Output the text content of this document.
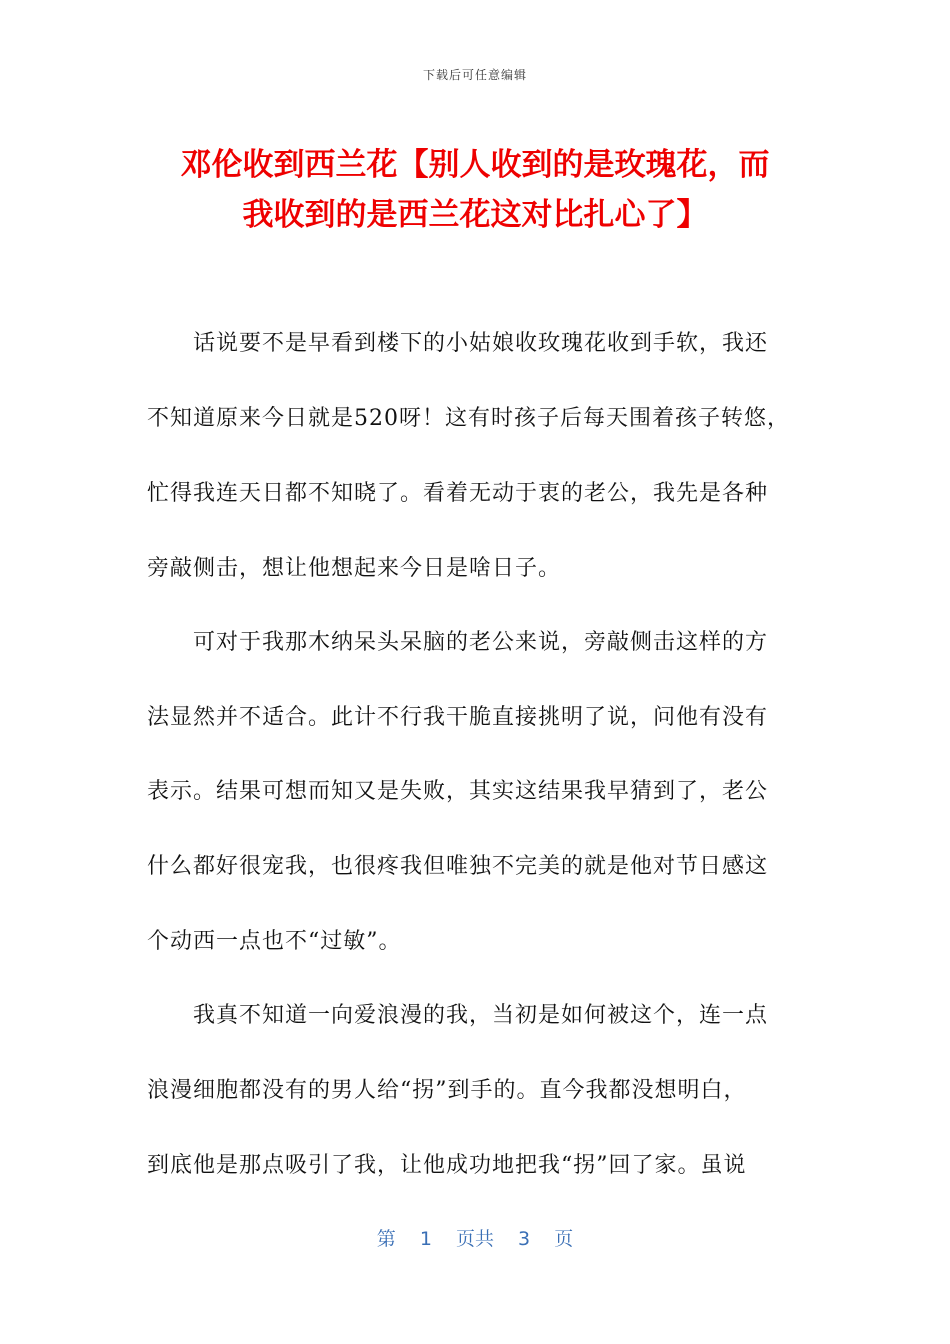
下载后可任意编辑
邓伦收到西兰花【别人收到的是玫瑰花，而
我收到的是西兰花这对比扎心了】
话说要不是早看到楼下的小姑娘收玫瑰花收到手软，我还
不知道原来今日就是520呀！这有时孩子后每天围着孩子转悠，
忙得我连天日都不知晓了。看着无动于衷的老公，我先是各种
旁敲侧击，想让他想起来今日是啥日子。
可对于我那木纳呆头呆脑的老公来说，旁敲侧击这样的方
法显然并不适合。此计不行我干脆直接挑明了说，问他有没有
表示。结果可想而知又是失败，其实这结果我早猜到了，老公
什么都好很宠我，也很疼我但唯独不完美的就是他对节日感这
个动西一点也不“过敏”。
我真不知道一向爱浪漫的我，当初是如何被这个，连一点
浪漫细胞都没有的男人给“拐”到手的。直今我都没想明白，
到底他是那点吸引了我，让他成功地把我“拐”回了家。虽说
第 1 页共 3 页
